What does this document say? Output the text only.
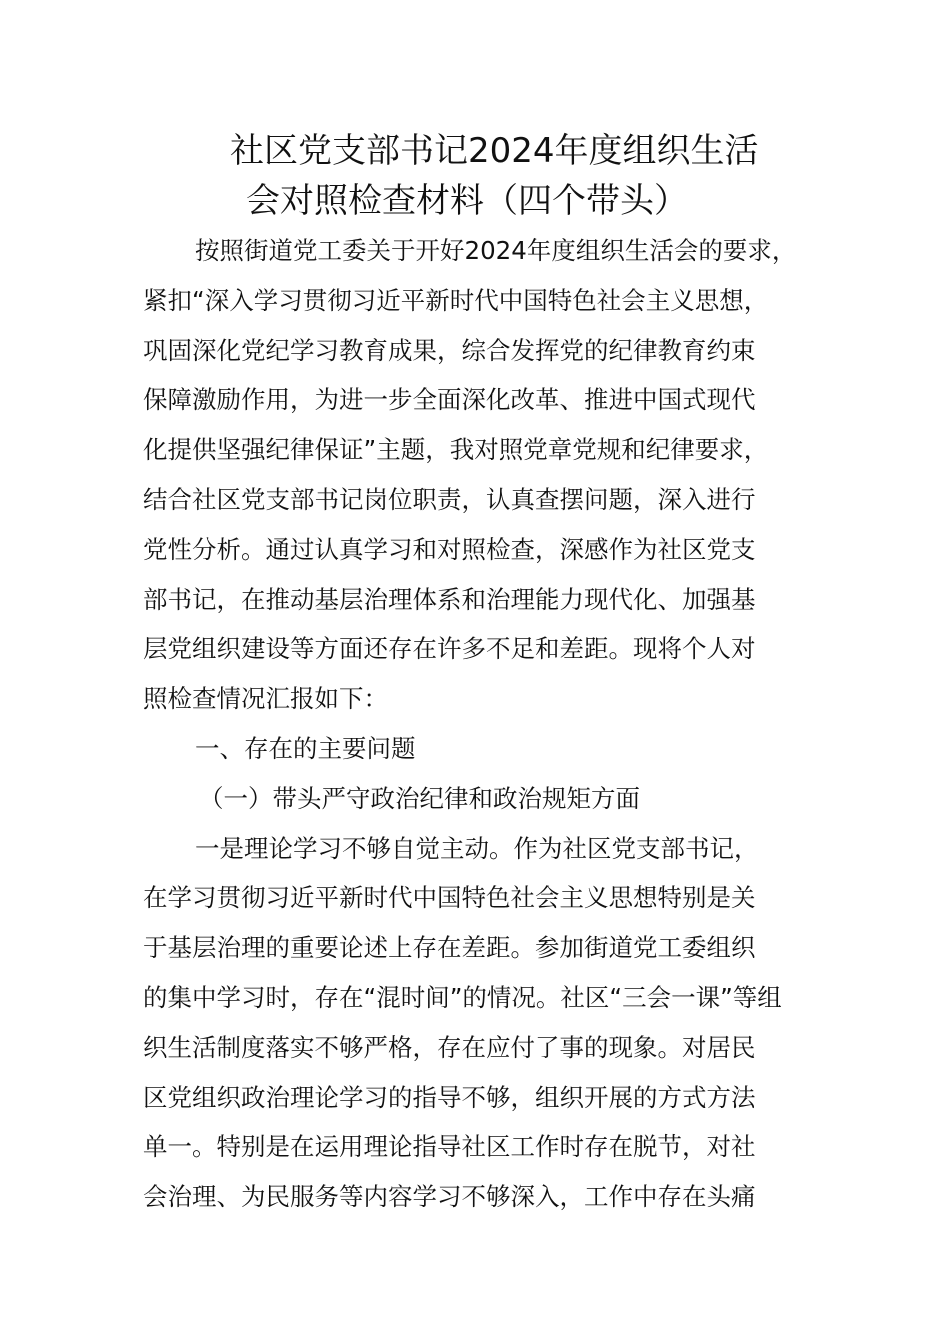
社区党支部书记2024年度组织生活
会对照检查材料（四个带头）
按照街道党工委关于开好2024年度组织生活会的要求，
紧扣“深入学习贯彻习近平新时代中国特色社会主义思想，
巩固深化党纪学习教育成果，综合发挥党的纪律教育约束
保障激励作用，为进一步全面深化改革、推进中国式现代
化提供坚强纪律保证”主题，我对照党章党规和纪律要求，
结合社区党支部书记岗位职责，认真查摆问题，深入进行
党性分析。通过认真学习和对照检查，深感作为社区党支
部书记，在推动基层治理体系和治理能力现代化、加强基
层党组织建设等方面还存在许多不足和差距。现将个人对
照检查情况汇报如下：
一、存在的主要问题
（一）带头严守政治纪律和政治规矩方面
一是理论学习不够自觉主动。作为社区党支部书记，
在学习贯彻习近平新时代中国特色社会主义思想特别是关
于基层治理的重要论述上存在差距。参加街道党工委组织
的集中学习时，存在“混时间”的情况。社区“三会一课”等组
织生活制度落实不够严格，存在应付了事的现象。对居民
区党组织政治理论学习的指导不够，组织开展的方式方法
单一。特别是在运用理论指导社区工作时存在脱节，对社
会治理、为民服务等内容学习不够深入，工作中存在头痛
